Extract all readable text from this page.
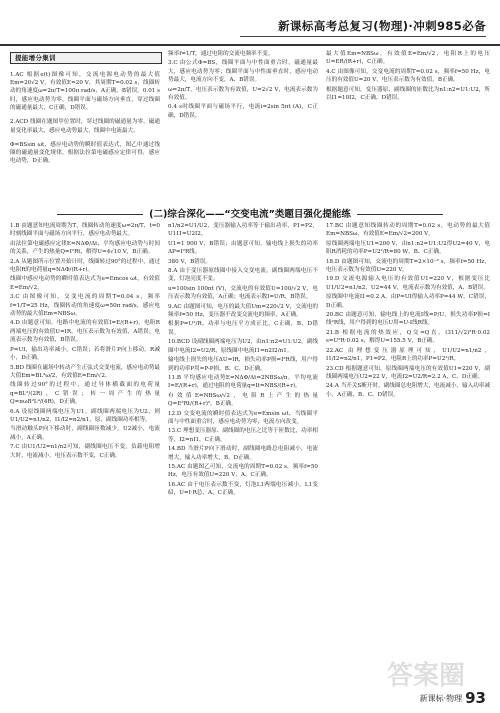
新课标高考总复习(物理)·冲刺985必备
提能增分集训

1.AC 根据e(t)图像可知，交流电源电动势的最大值Em=20√2 V，有效值E=20 V，其周期T=0.02 s，线圈转动的角速度ω=2π/T=100π rad/s，A正确，B错误。0.01 s时，感应电动势为零，线圈平面与磁场方向垂直，穿过线圈的磁通量最大，C正确，D错误。

2.ACD 线圈在题图甲位置时，穿过线圈的磁通量为零，磁通量变化率最大，感应电动势最大，线圈中电流最大。

Φ=BSsin ωt，感应电动势的瞬时值表达式，图乙中通过线圈的磁通量变化规律，根据法拉第电磁感应定律可得，感应电动势，D正确。

频率f=1/T，通过电阻的交流电频率不变。

3.C 由公式Φ=BS，线圈平面与中性面重合时，磁通量最大，感应电动势为零；线圈平面与中性面垂直时，感应电动势最大，电流方向不变，A、B错误。

ω=2π/T，电压表示数为有效值，U=2√2 V，电流表示数为有效值。

0.4 s时线圈平面与磁场平行，电流i=2sin 5πt (A)，C正确，D错误。

最大值Em=NBSω，有效值E=Em/√2，电阻R上的电压U=ER/(R+r)，C正确。

4.C 由图像可知，交变电流的周期T=0.02 s，频率f=50 Hz，电压的有效值U=20 V，电压表示数为有效值，B正确。

根据题意可知，变压器原、副线圈的匝数比为n1:n2=U1:U2，所以I1=10I2，C正确，D错误。

(二)综合深化——“交变电流”类题目强化提能练

1.B 由题意知电流周期为T，线圈转动角速度ω=2π/T，t=0时刻线圈平面与磁场方向平行，感应电动势最大。

由法拉第电磁感应定律E=NΔΦ/Δt，平均感应电动势与时间的关系，产生的热量Q=I²Rt，解得U=4√10 V，B正确。

2.A 从题图所示位置开始计时，线圈转过90°的过程中，通过电阻R的电荷量q=NΔΦ/(R+r)。

线圈中感应电动势的瞬时值表达式为e=Emcos ωt，有效值E=Em/√2。

3.C 由图像可知，交变电流的周期T=0.04 s，频率f=1/T=25 Hz，线圈转动的角速度ω=50π rad/s，感应电动势的最大值Em=NBSω。

4.D 由题意可知，电路中电流的有效值I=E/(R+r)，电阻R两端电压的有效值U=IR，电压表示数为有效值，A错误；电流表示数为有效值，B错误。

P=UI，输出功率减小，C错误；若将滑片P向上移动，R减小，D正确。

5.BD 线圈在磁场中转动产生正弦式交变电流，感应电动势最大值Em=BL²ω/2，有效值E=Em/√2。

线圈转过90°的过程中，通过导体横截面的电荷量q=BL²/(2R)，C错误；转一周产生的热量Q=πωB²L⁴/(4R)，D正确。

6.A 设原线圈两端电压为U1，副线圈两端电压为U2，则U1/U2=n1/n2，I1/I2=n2/n1，原、副线圈功率相等。

当滑动触头P向下移动时，副线圈匝数减少，U2减小，电流减小，A正确。

7.C 由U1/U2=n1/n2可知，副线圈电压不变，负载电阻增大时，电流减小，电压表示数不变，C正确。

n1/n2=U1/U2，变压器输入功率等于输出功率，P1=P2，U1I1=U2I2。

U1=1 900 V，B错误；由题意可知，输电线上损失的功率ΔP=I²R线。

380 V，B错误。

8.A 由于变压器原线圈中接入交变电流，副线圈两端电压不变，灯泡亮度不变。

u=100sin 100πt (V)，交流电的有效值U=100/√2 V，电压表示数为有效值，A正确；电流表示数I=U/R，B错误。

9.AC 由题图可知，电压的最大值Um=220√2 V，交流电的频率f=50 Hz，变压器不改变交流电的频率，A正确。

根据P=U²/R，功率与电压平方成正比，C正确，B、D错误。

10.BCD 设副线圈两端电压为U2，由n1:n2=U1:U2，副线圈中电流I2=U2/R，原线圈中电流I1=n2I2/n1。

输电线上损失的电压ΔU=IR，损失功率P损=I²R线，用户得到的功率P用=P-P损，B、C、D正确。

11.B 平均感应电动势E=NΔΦ/Δt=2NBSω/π，平均电流I=E/(R+r)，通过电阻的电荷量q=It=NBS/(R+r)。

有效值E=NBSω/√2，电阻R上产生的热量Q=E²Rt/(R+r)²，B正确。

12.D 交变电流的瞬时值表达式为e=Emsin ωt，当线圈平面与中性面重合时，感应电动势为零，电流方向改变。

13.C 理想变压器原、副线圈的电压之比等于匝数比，功率相等，I2=nI1，C正确。

14.BD 当滑片P向下滑动时，副线圈电路总电阻减小，电流增大，输入功率增大，B、D正确。

15.AC 由题图乙可知，交流电的周期T=0.02 s，频率f=50 Hz，电压有效值U=220 V，A、C正确。

16.AC 由于电压表示数不变，灯泡L1两端电压减小，L1变暗，U=I·R总，A、C正确。

17.BC 由题意知线圈转动的周期T=0.02 s，电动势的最大值Em=NBSω，有效值E=Em/√2=200 V。

原线圈两端电压U1=200 V，由n1:n2=U1:U2得U2=40 V，电阻R消耗的功率P=U2²/R=80 W，B、C正确。

18.D 由题图可知，交流电的周期T=2×10⁻² s，频率f=50 Hz，电压表示数为有效值U=220 V。

19.D 交流电源输入电压的有效值U1=220 V，根据变压比U1/U2=n1/n2，U2=44 V，电流表示数为有效值，A、B错误。

原线圈中电流I1=0.2 A，由P=UI得输入功率P=44 W，C错误，D正确。

20.BC 由题意可知，输电线上的电流I线=P/U，损失功率P损=I线²R线，用户得到的电压U用=U-I线R线。

21.B 根据电流的热效应，Q交=Q直，(311/√2)²R·0.02 s=U²R·0.02 s，解得U=155.5 V，B正确。

22.AC 由理想变压器原理可知，U1/U2=n1/n2，I1/I2=n2/n1，P1=P2，电阻R上的功率P=U2²/R。

23.CD 根据题意可知，原线圈两端电压的有效值U1=220 V，副线圈两端电压U2=22 V，电流I2=U2/R=2.2 A，C、D正确。

24.A 当开关S断开时，副线圈总电阻增大，电流减小，输入功率减小，A正确，B、C、D错误。

答案圈
新课标·物理 93
